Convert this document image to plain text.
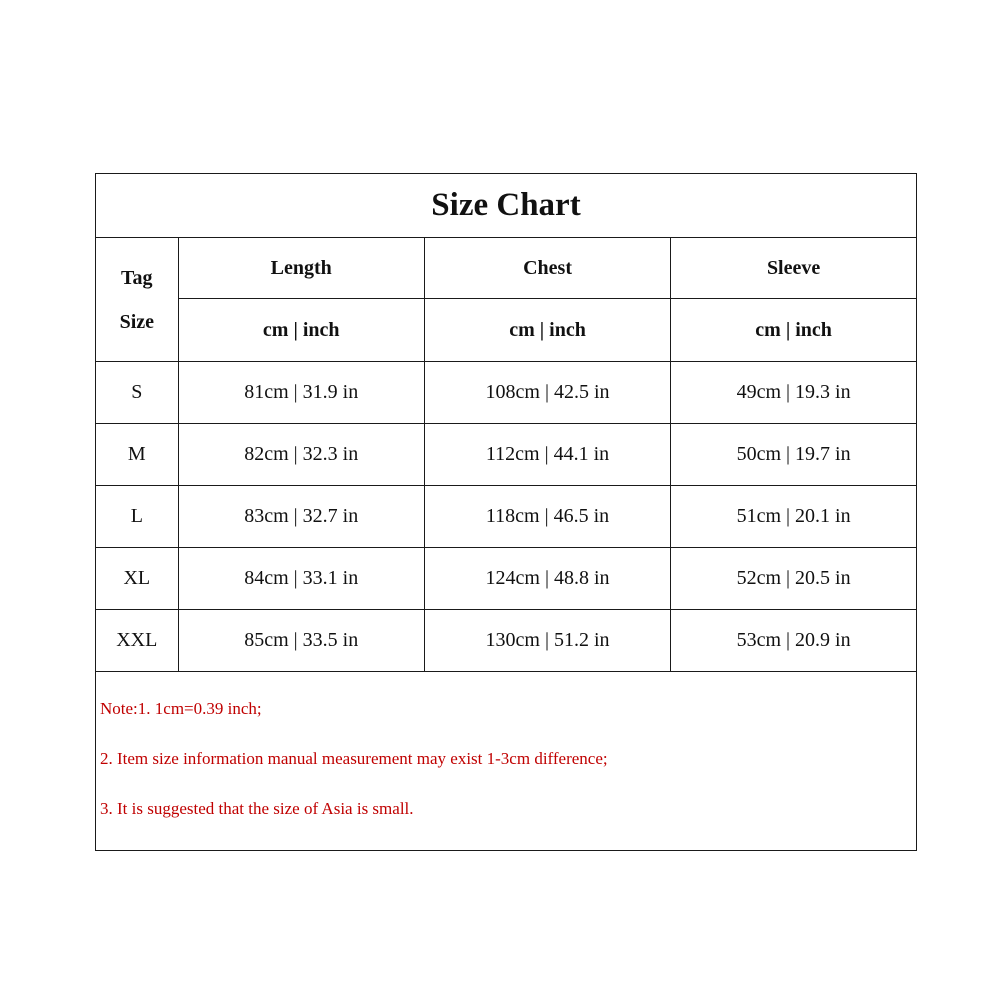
Size Chart
Tag
Size	Length	Chest	Sleeve
	cm | inch	cm | inch	cm | inch
S	81cm | 31.9 in	108cm | 42.5 in	49cm | 19.3 in
M	82cm | 32.3 in	112cm | 44.1 in	50cm | 19.7 in
L	83cm | 32.7 in	118cm | 46.5 in	51cm | 20.1 in
XL	84cm | 33.1 in	124cm | 48.8 in	52cm | 20.5 in
XXL	85cm | 33.5 in	130cm | 51.2 in	53cm | 20.9 in
Note:1. 1cm=0.39 inch;
2. Item size information manual measurement may exist 1-3cm difference;
3. It is suggested that the size of Asia is small.
